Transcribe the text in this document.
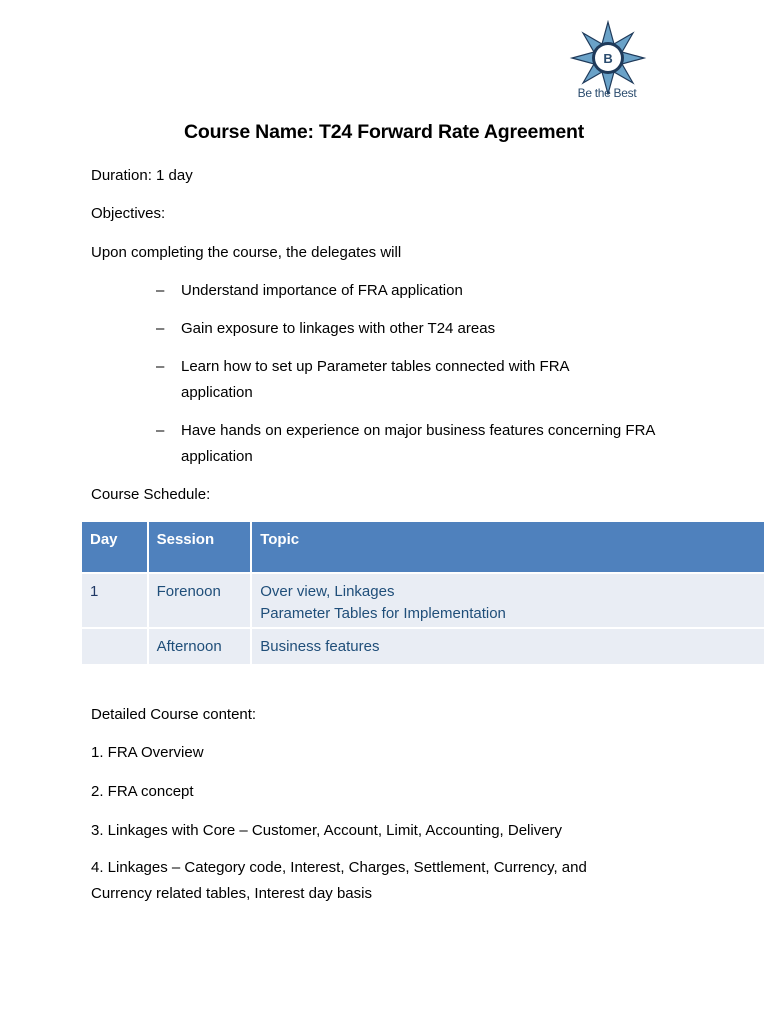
B
Be the Best
Course Name: T24 Forward Rate Agreement
Duration: 1 day
Objectives:
Upon completing the course, the delegates will
– Understand importance of FRA application
– Gain exposure to linkages with other T24 areas
– Learn how to set up Parameter tables connected with FRA application
– Have hands on experience on major business features concerning FRA application
Course Schedule:
Day	Session	Topic
1	Forenoon	Over view, Linkages
Parameter Tables for Implementation

	Afternoon	Business features
Detailed Course content:
1. FRA Overview
2. FRA concept
3. Linkages with Core – Customer, Account, Limit, Accounting, Delivery
4. Linkages – Category code, Interest, Charges, Settlement, Currency, and Currency related tables, Interest day basis
